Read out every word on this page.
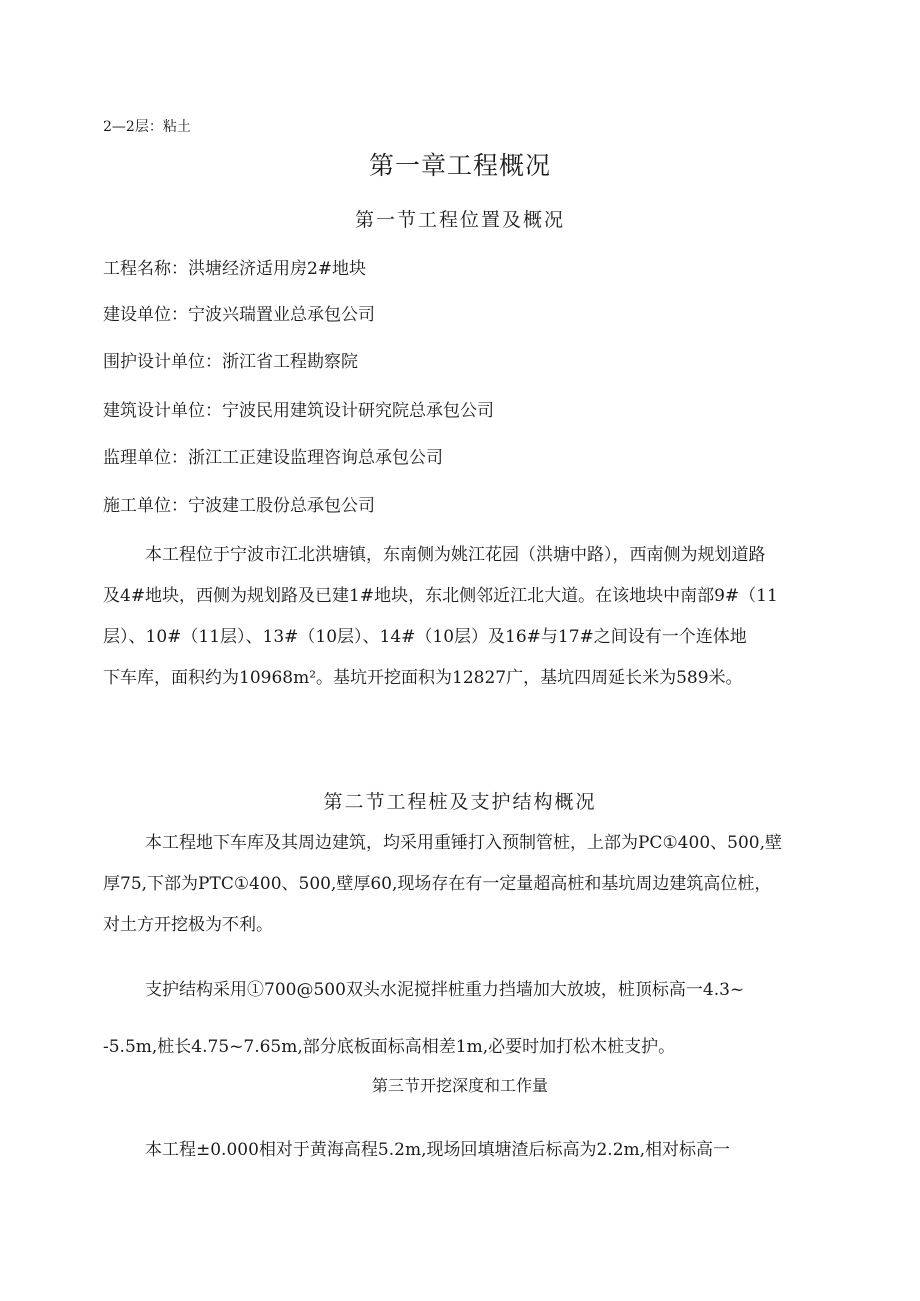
2—2层：粘土
第一章工程概况
第一节工程位置及概况
工程名称：洪塘经济适用房2#地块
建设单位：宁波兴瑞置业总承包公司
围护设计单位：浙江省工程勘察院
建筑设计单位：宁波民用建筑设计研究院总承包公司
监理单位：浙江工正建设监理咨询总承包公司
施工单位：宁波建工股份总承包公司
本工程位于宁波市江北洪塘镇，东南侧为姚江花园（洪塘中路），西南侧为规划道路
及4#地块，西侧为规划路及已建1#地块，东北侧邻近江北大道。在该地块中南部9#（11
层）、10#（11层）、13#（10层）、14#（10层）及16#与17#之间设有一个连体地
下车库，面积约为10968m²。基坑开挖面积为12827广，基坑四周延长米为589米。
第二节工程桩及支护结构概况
本工程地下车库及其周边建筑，均采用重锤打入预制管桩，上部为PC①400、500,壁
厚75,下部为PTC①400、500,壁厚60,现场存在有一定量超高桩和基坑周边建筑高位桩，
对土方开挖极为不利。
支护结构采用①700@500双头水泥搅拌桩重力挡墙加大放坡，桩顶标高一4.3~
-5.5m,桩长4.75~7.65m,部分底板面标高相差1m,必要时加打松木桩支护。
第三节开挖深度和工作量
本工程±0.000相对于黄海高程5.2m,现场回填塘渣后标高为2.2m,相对标高一
